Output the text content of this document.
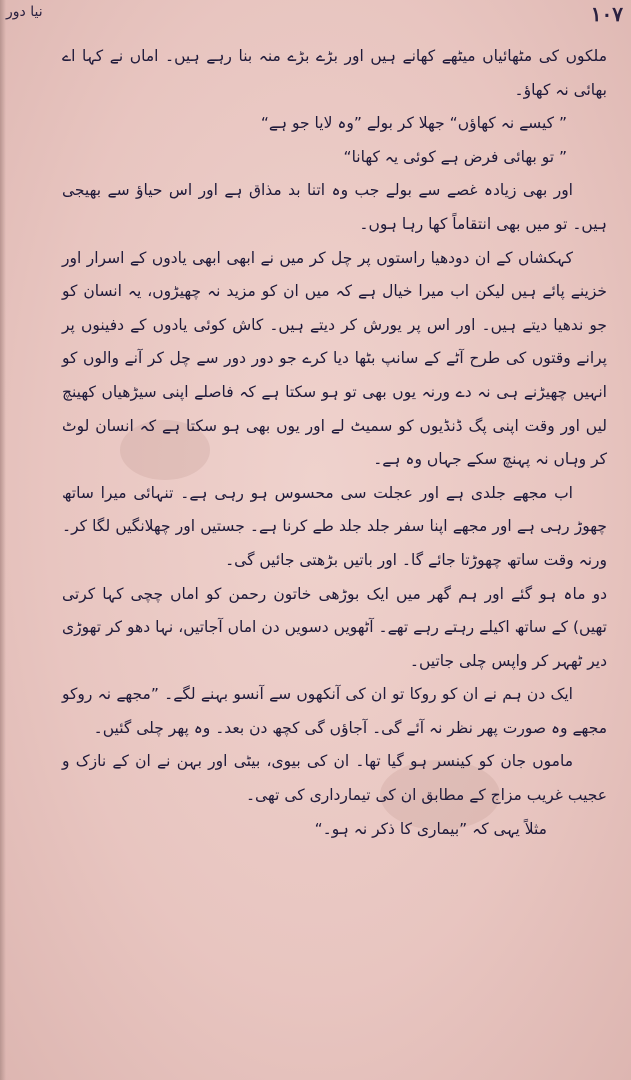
نیا دور	۱۰۷

ملکوں کی مٹھائیاں میٹھے کھانے ہیں اور بڑے بڑے منہ بنا رہے ہیں۔ اماں نے کہا اے بھائی نہ کھاؤ۔

” کیسے نہ کھاؤں“ جھلا کر بولے ”وہ لایا جو ہے“

” تو بھائی فرض ہے کوئی یہ کھانا“

اور بھی زیادہ غصے سے بولے جب وہ اتنا بد مذاق ہے اور اس حیاؤ سے بھیجی ہیں۔ تو میں بھی انتقاماً کھا رہا ہوں۔

کہکشاں کے ان دودھیا راستوں پر چل کر میں نے ابھی ابھی یادوں کے اسرار اور خزینے پائے ہیں لیکن اب میرا خیال ہے کہ میں ان کو مزید نہ چھیڑوں، یہ انسان کو جو ندھیا دیتے ہیں۔ اور اس پر یورش کر دیتے ہیں۔ کاش کوئی یادوں کے دفینوں پر پرانے وقتوں کی طرح آٹے کے سانپ بٹھا دیا کرے جو دور دور سے چل کر آنے والوں کو انہیں چھیڑنے ہی نہ دے ورنہ یوں بھی تو ہو سکتا ہے کہ فاصلے اپنی سیڑھیاں کھینچ لیں اور وقت اپنی پگ ڈنڈیوں کو سمیٹ لے اور یوں بھی ہو سکتا ہے کہ انسان لوٹ کر وہاں نہ پہنچ سکے جہاں وہ ہے۔

اب مجھے جلدی ہے اور عجلت سی محسوس ہو رہی ہے۔ تنہائی میرا ساتھ چھوڑ رہی ہے اور مجھے اپنا سفر جلد جلد طے کرنا ہے۔ جستیں اور چھلانگیں لگا کر۔ ورنہ وقت ساتھ چھوڑتا جائے گا۔ اور باتیں بڑھتی جائیں گی۔

دو ماہ ہو گئے اور ہم گھر میں ایک بوڑھی خاتون رحمن کو اماں چچی کہا کرتی تھیں) کے ساتھ اکیلے رہتے رہے تھے۔ آٹھویں دسویں دن اماں آجاتیں، نہا دھو کر تھوڑی دیر ٹھہر کر واپس چلی جاتیں۔

ایک دن ہم نے ان کو روکا تو ان کی آنکھوں سے آنسو بہنے لگے۔ ”مجھے نہ روکو مجھے وہ صورت پھر نظر نہ آئے گی۔ آجاؤں گی کچھ دن بعد۔ وہ پھر چلی گئیں۔

ماموں جان کو کینسر ہو گیا تھا۔ ان کی بیوی، بیٹی اور بہن نے ان کے نازک و عجیب غریب مزاج کے مطابق ان کی تیمارداری کی تھی۔

مثلاً یہی کہ ”بیماری کا ذکر نہ ہو۔“
